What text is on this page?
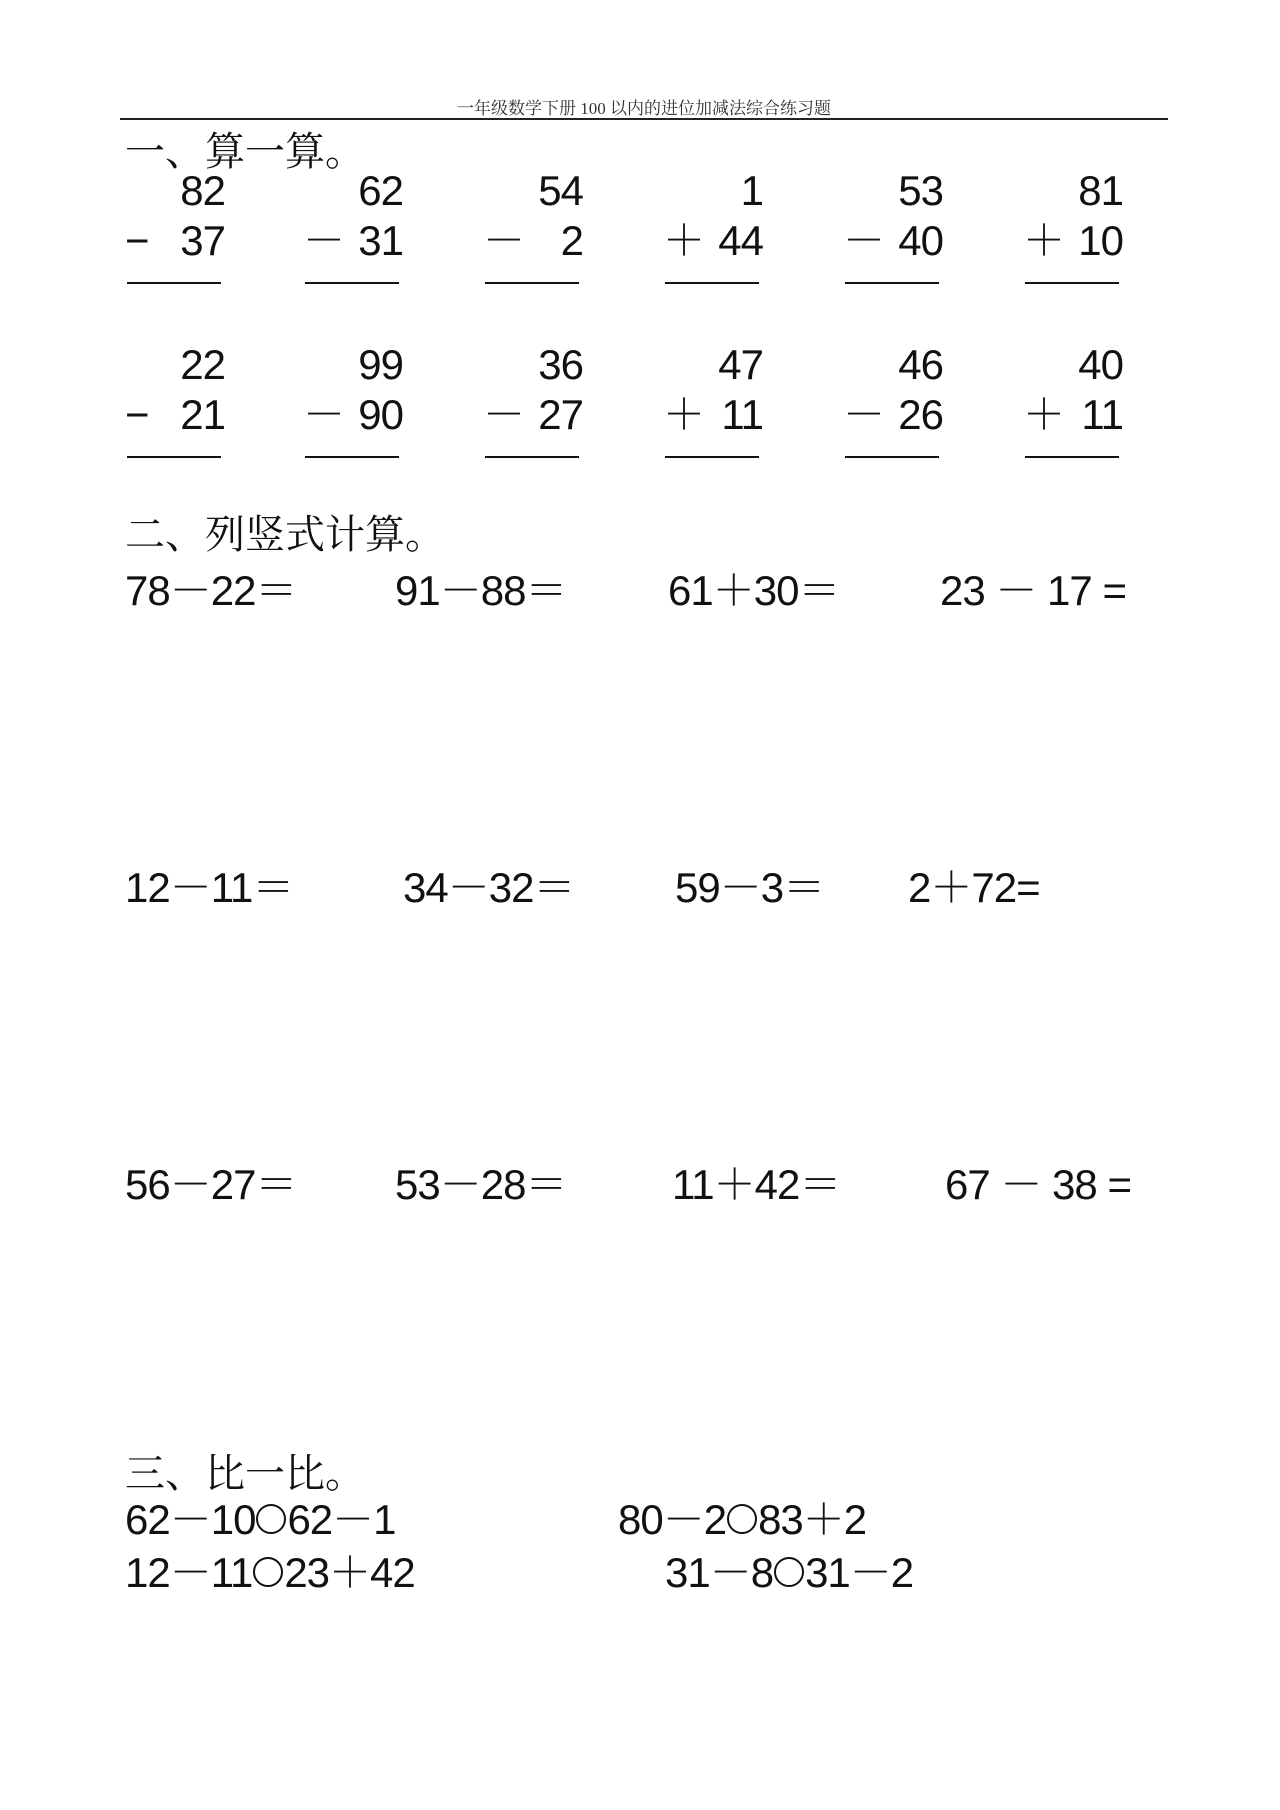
一年级数学下册 100 以内的进位加减法综合练习题
一、算一算。
82
− 37
62
－ 31
54
－ 2
1
＋ 44
53
－ 40
81
＋ 10
22
− 21
99
－ 90
36
－ 27
47
＋ 11
46
－ 26
40
＋ 11
二、列竖式计算。
78－22＝ 91－88＝ 61＋30＝ 23 － 17 =
12－11＝	34－32＝ 59－3＝ 2＋72=
56－27＝ 53－28＝	11＋42＝ 67 － 38 =
三、比一比。
62－10 62－1	80－2 83＋2
12－11 23＋42	31－8 31－2
